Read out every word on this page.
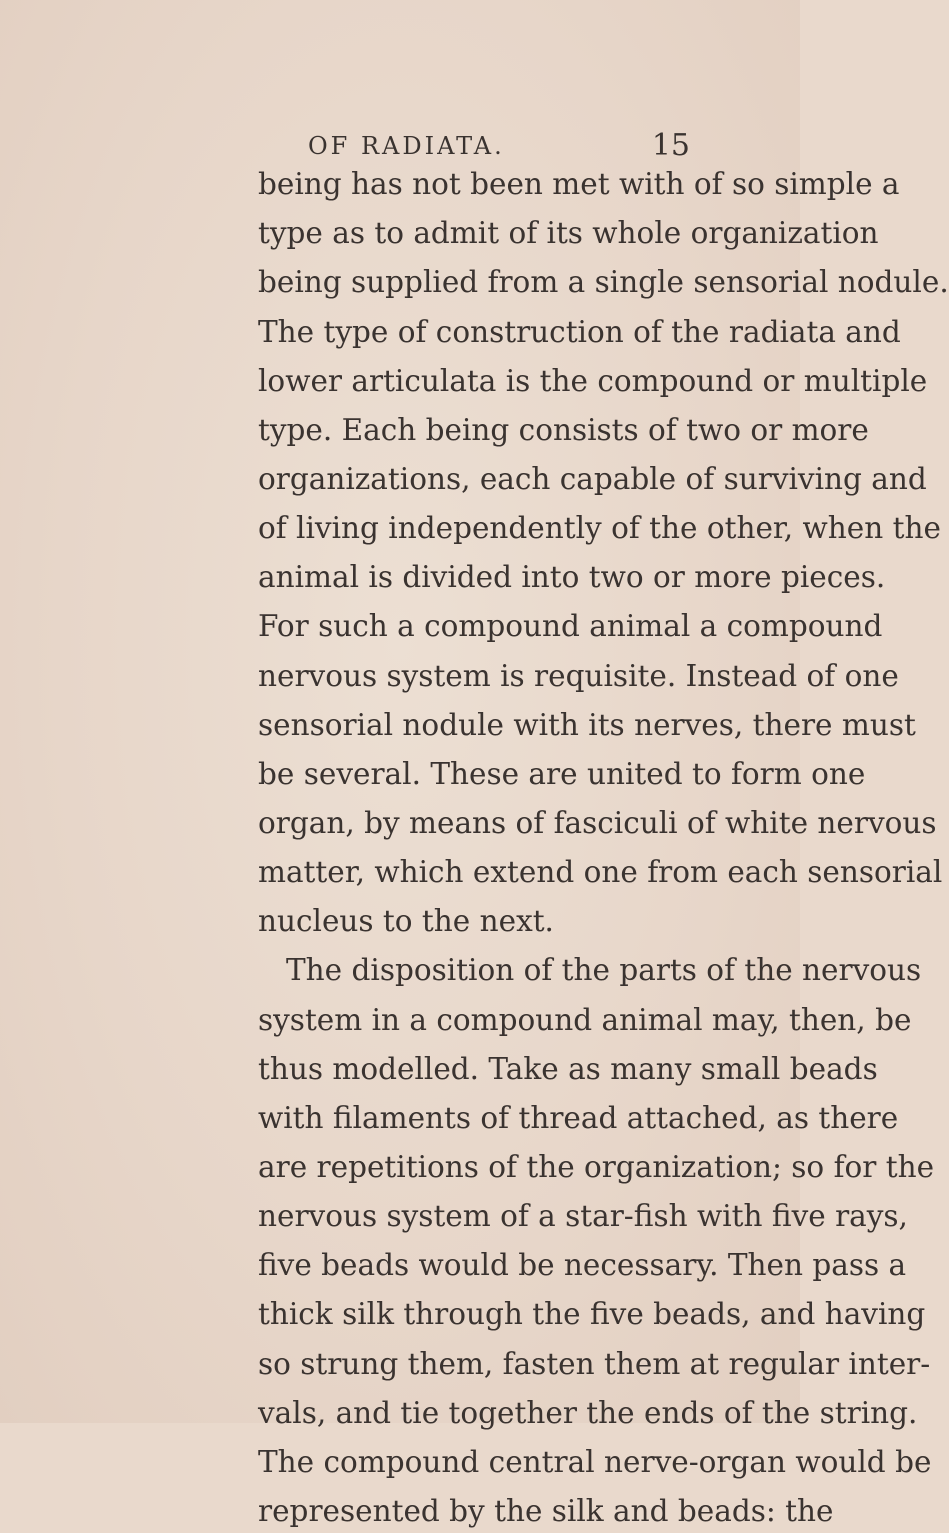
OF RADIATA.	15
being has not been met with of so simple a
type as to admit of its whole organization
being supplied from a single sensorial nodule.
The type of construction of the radiata and
lower articulata is the compound or multiple
type. Each being consists of two or more
organizations, each capable of surviving and
of living independently of the other, when the
animal is divided into two or more pieces.
For such a compound animal a compound
nervous system is requisite. Instead of one
sensorial nodule with its nerves, there must
be several. These are united to form one
organ, by means of fasciculi of white nervous
matter, which extend one from each sensorial
nucleus to the next.
The disposition of the parts of the nervous
system in a compound animal may, then, be
thus modelled. Take as many small beads
with filaments of thread attached, as there
are repetitions of the organization; so for the
nervous system of a star-fish with five rays,
five beads would be necessary. Then pass a
thick silk through the five beads, and having
so strung them, fasten them at regular inter-
vals, and tie together the ends of the string.
The compound central nerve-organ would be
represented by the silk and beads: the
